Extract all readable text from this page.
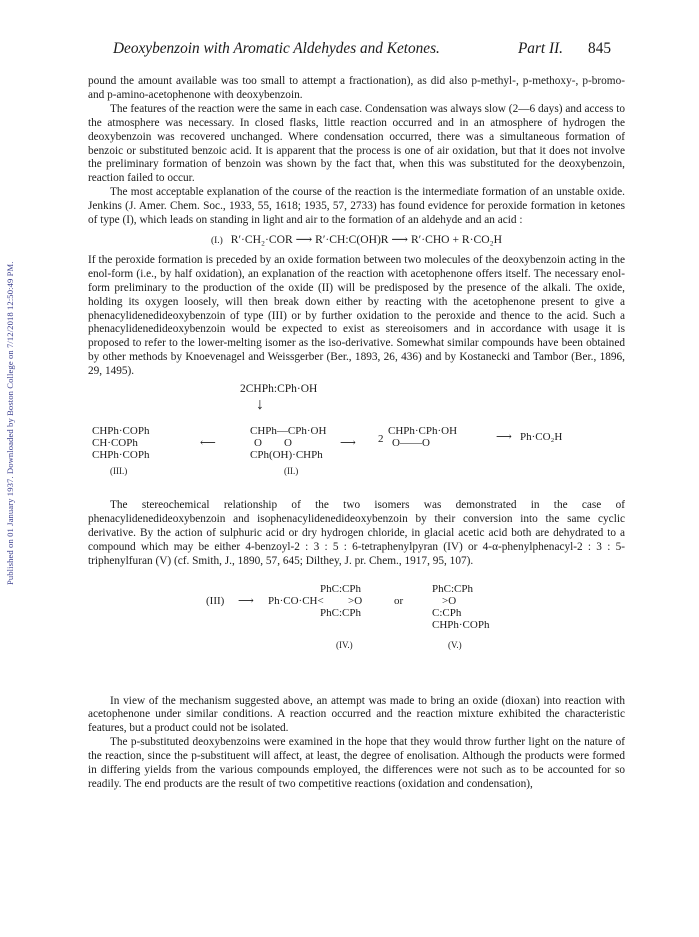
Published on 01 January 1937. Downloaded by Boston College on 7/12/2018 12:50:49 PM.
Deoxybenzoin with Aromatic Aldehydes and Ketones.	Part II. 845

pound the amount available was too small to attempt a fractionation), as did also p-methyl-, p-methoxy-, p-bromo- and p-amino-acetophenone with deoxybenzoin.

The features of the reaction were the same in each case. Condensation was always slow (2—6 days) and access to the atmosphere was necessary. In closed flasks, little reaction occurred and in an atmosphere of hydrogen the deoxybenzoin was recovered unchanged. Where condensation occurred, there was a simultaneous formation of benzoic or substituted benzoic acid. It is apparent that the process is one of air oxidation, but that it does not involve the preliminary formation of benzoin was shown by the fact that, when this was substituted for the deoxybenzoin, reaction failed to occur.

The most acceptable explanation of the course of the reaction is the intermediate formation of an unstable oxide. Jenkins (J. Amer. Chem. Soc., 1933, 55, 1618; 1935, 57, 2733) has found evidence for peroxide formation in ketones of type (I), which leads on standing in light and air to the formation of an aldehyde and an acid :

(I.) R′·CH₂·COR ⟶ R′·CH:C(OH)R ⟶ R′·CHO + R·CO₂H

If the peroxide formation is preceded by an oxide formation between two molecules of the deoxybenzoin acting in the enol-form (i.e., by half oxidation), an explanation of the reaction with acetophenone offers itself. The necessary enol-form preliminary to the production of the oxide (II) will be predisposed by the presence of the alkali. The oxide, holding its oxygen loosely, will then break down either by reacting with the acetophenone present to give a phenacylidenedideoxybenzoin of type (III) or by further oxidation to the peroxide and thence to the acid. Such a phenacylidenedideoxybenzoin would be expected to exist as stereoisomers and in accordance with usage it is proposed to refer to the lower-melting isomer as the iso-derivative. Somewhat similar compounds have been obtained by other methods by Knoevenagel and Weissgerber (Ber., 1893, 26, 436) and by Kostanecki and Tambor (Ber., 1896, 29, 1495).

2CHPh:CPh·OH
↓
CHPh·COPh
CH·COPh
CHPh·COPh
(III.)
⟵
CHPh—CPh·OH
O        O
CPh(OH)·CHPh
(II.)
⟶ 2
CHPh·CPh·OH
O——O	⟶ Ph·CO₂H

The stereochemical relationship of the two isomers was demonstrated in the case of phenacylidenedideoxybenzoin and isophenacylidenedideoxybenzoin by their conversion into the same cyclic derivative. By the action of sulphuric acid or dry hydrogen chloride, in glacial acetic acid both are dehydrated to a compound which may be either 4-benzoyl-2 : 3 : 5 : 6-tetraphenylpyran (IV) or 4-α-phenylphenacyl-2 : 3 : 5-triphenylfuran (V) (cf. Smith, J., 1890, 57, 645; Dilthey, J. pr. Chem., 1917, 95, 107).

(III) ⟶ Ph·CO·CH<
PhC:CPh
>O
PhC:CPh
(IV.)
or
PhC:CPh
>O
C:CPh
CHPh·COPh
(V.)

In view of the mechanism suggested above, an attempt was made to bring an oxide (dioxan) into reaction with acetophenone under similar conditions. A reaction occurred and the reaction mixture exhibited the characteristic features, but a product could not be isolated.

The p-substituted deoxybenzoins were examined in the hope that they would throw further light on the nature of the reaction, since the p-substituent will affect, at least, the degree of enolisation. Although the products were formed in differing yields from the various compounds employed, the differences were not such as to be accounted for so readily. The end products are the result of two competitive reactions (oxidation and condensation),
